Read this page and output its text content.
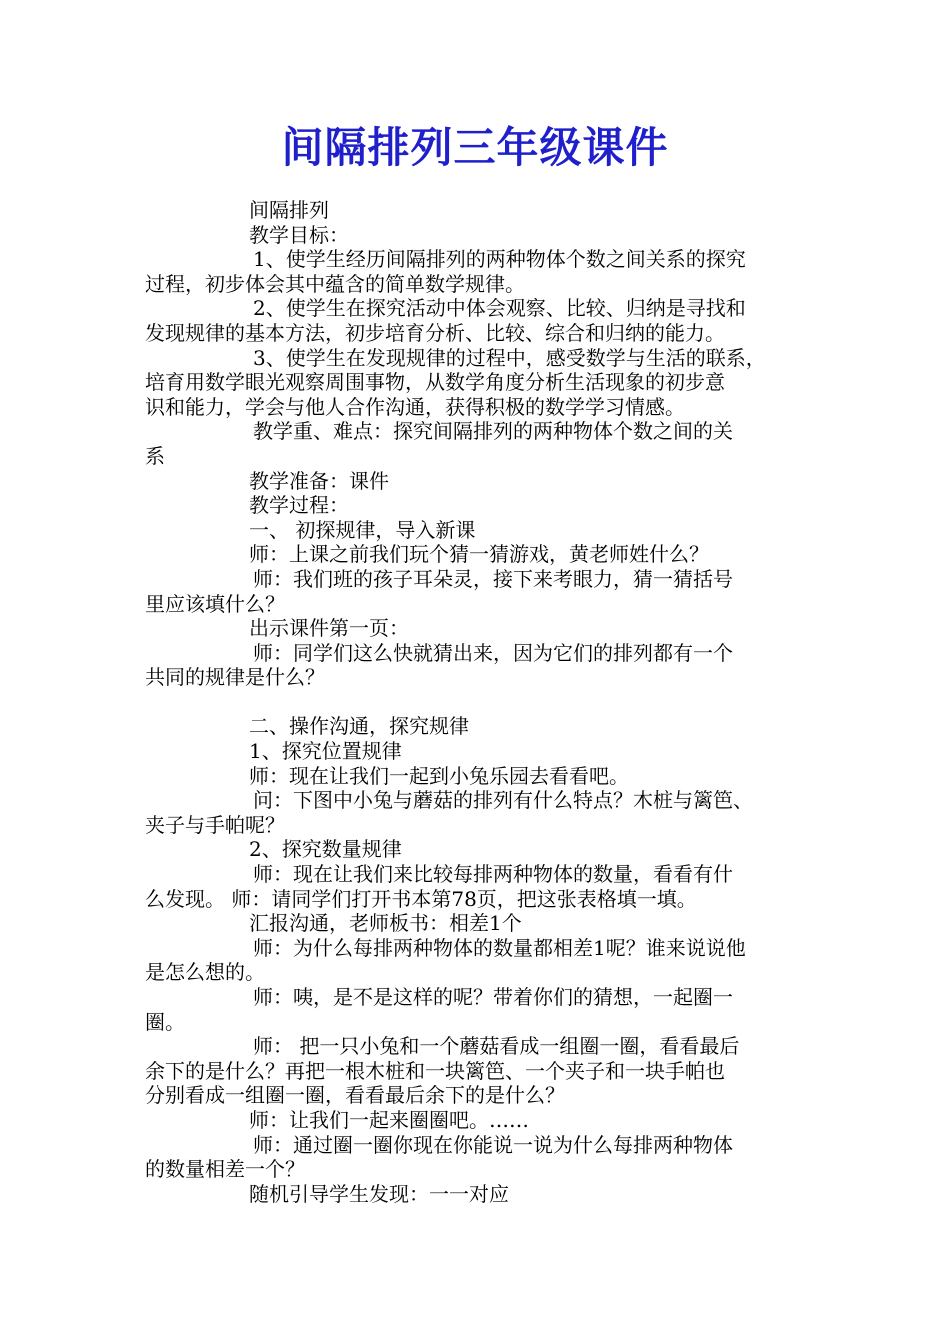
间隔排列三年级课件
间隔排列
教学目标：
1、使学生经历间隔排列的两种物体个数之间关系的探究
过程，初步体会其中蕴含的简单数学规律。
2、使学生在探究活动中体会观察、比较、归纳是寻找和
发现规律的基本方法，初步培育分析、比较、综合和归纳的能力。
3、使学生在发现规律的过程中，感受数学与生活的联系，
培育用数学眼光观察周围事物，从数学角度分析生活现象的初步意
识和能力，学会与他人合作沟通，获得积极的数学学习情感。
教学重、难点：探究间隔排列的两种物体个数之间的关
系
教学准备：课件
教学过程：
一、 初探规律，导入新课
师：上课之前我们玩个猜一猜游戏，黄老师姓什么？
师：我们班的孩子耳朵灵，接下来考眼力，猜一猜括号
里应该填什么？
出示课件第一页：
师：同学们这么快就猜出来，因为它们的排列都有一个
共同的规律是什么？
二、操作沟通，探究规律
1、探究位置规律
师：现在让我们一起到小兔乐园去看看吧。
问：下图中小兔与蘑菇的排列有什么特点？木桩与篱笆、
夹子与手帕呢？
2、探究数量规律
师：现在让我们来比较每排两种物体的数量，看看有什
么发现。 师：请同学们打开书本第78页，把这张表格填一填。
汇报沟通，老师板书：相差1个
师：为什么每排两种物体的数量都相差1呢？谁来说说他
是怎么想的。
师：咦，是不是这样的呢？带着你们的猜想，一起圈一
圈。
师： 把一只小兔和一个蘑菇看成一组圈一圈，看看最后
余下的是什么？再把一根木桩和一块篱笆、一个夹子和一块手帕也
分别看成一组圈一圈，看看最后余下的是什么？
师：让我们一起来圈圈吧。……
师：通过圈一圈你现在你能说一说为什么每排两种物体
的数量相差一个？
随机引导学生发现：一一对应
